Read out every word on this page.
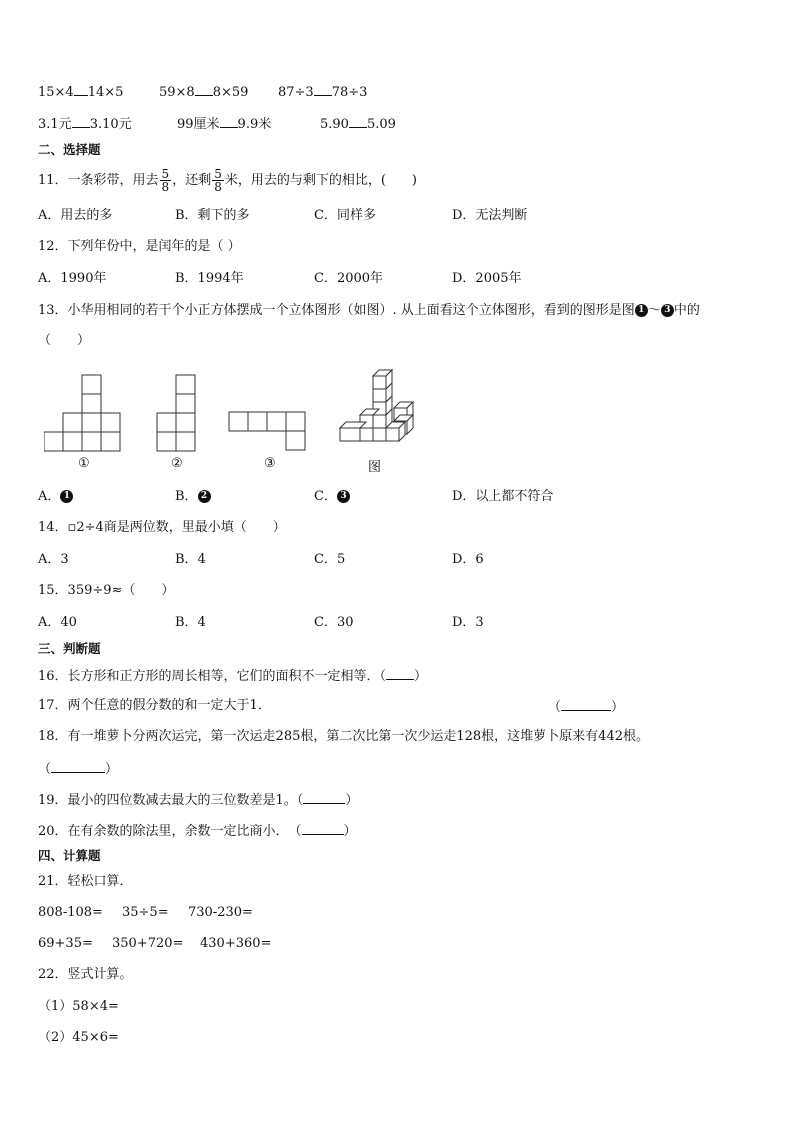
15×4 14×5	59×8 8×59 87÷3 78÷3
3.1元 3.10元	99厘米 9.9米	5.90 5.09
二、选择题
11．一条彩带，用去 $\frac{5}{8}$ ，还剩 $\frac{5}{8}$ 米，用去的与剩下的相比，(　　)
A．用去的多	B．剩下的多	C．同样多	D．无法判断
12．下列年份中，是闰年的是（ ）
A．1990年	B．1994年	C．2000年	D．2005年
13．小华用相同的若干个小正方体摆成一个立体图形（如图）. 从上面看这个立体图形，看到的图形是图 1 ～ 3 中的
（　　）
①	②	③	图
A． 1	B． 2	C． 3	D．以上都不符合
14．▫2÷4商是两位数，里最小填（　　）
A．3	B．4	C．5	D．6
15．359÷9≈（　　）
A．40	B．4	C．30	D．3
三、判断题
16．长方形和正方形的周长相等，它们的面积不一定相等．（ ）
17．两个任意的假分数的和一定大于1．	（	）
18．有一堆萝卜分两次运完，第一次运走285根，第二次比第一次少运走128根，这堆萝卜原来有442根。
（	）
19．最小的四位数减去最大的三位数差是1。（	）
20．在有余数的除法里，余数一定比商小．　（	）
四、计算题
21．轻松口算．
808-108= 35÷5= 730-230=
69+35= 350+720= 430+360=
22．竖式计算。
（1）58×4=
（2）45×6=
